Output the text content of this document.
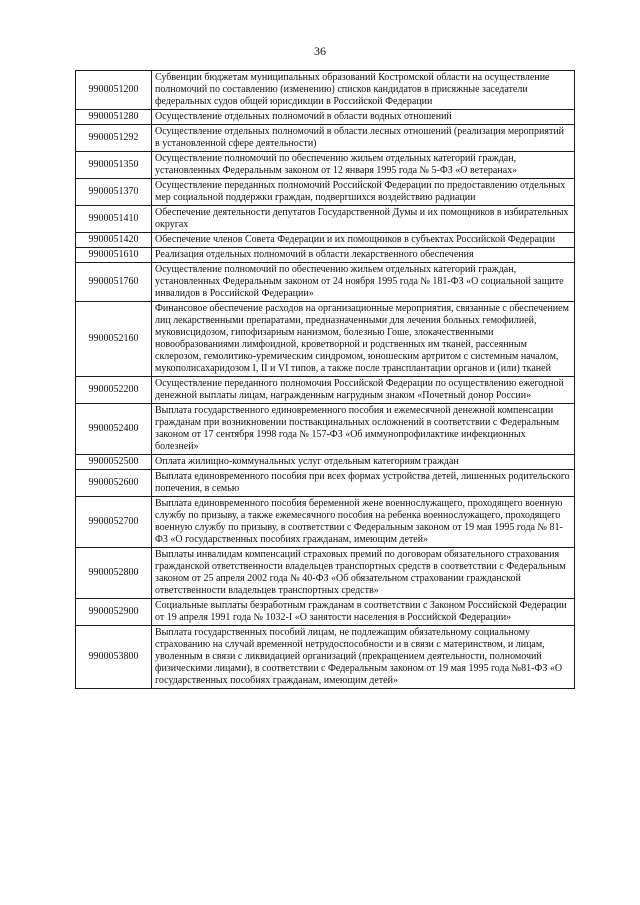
36
9900051200	Субвенции бюджетам муниципальных образований Костромской области на осуществление полномочий по составлению (изменению) списков кандидатов в присяжные заседатели федеральных судов общей юрисдикции в Российской Федерации
9900051280	Осуществление отдельных полномочий в области водных отношений
9900051292	Осуществление отдельных полномочий в области лесных отношений (реализация мероприятий в установленной сфере деятельности)
9900051350	Осуществление полномочий по обеспечению жильем отдельных категорий граждан, установленных Федеральным законом от 12 января 1995 года № 5-ФЗ «О ветеранах»
9900051370	Осуществление переданных полномочий Российской Федерации по предоставлению отдельных мер социальной поддержки граждан, подвергшихся воздействию радиации
9900051410	Обеспечение деятельности депутатов Государственной Думы и их помощников в избирательных округах
9900051420	Обеспечение членов Совета Федерации и их помощников в субъектах Российской Федерации
9900051610	Реализация отдельных полномочий в области лекарственного обеспечения
9900051760	Осуществление полномочий по обеспечению жильем отдельных категорий граждан, установленных Федеральным законом от 24 ноября 1995 года № 181-ФЗ «О социальной защите инвалидов в Российской Федерации»
9900052160	Финансовое обеспечение расходов на организационные мероприятия, связанные с обеспечением лиц лекарственными препаратами, предназначенными для лечения больных гемофилией, муковисцидозом, гипофизарным нанизмом, болезнью Гоше, злокачественными новообразованиями лимфоидной, кроветворной и родственных им тканей, рассеянным склерозом, гемолитико-уремическим синдромом, юношеским артритом с системным началом, мукополисахаридозом I, II и VI типов, а также после трансплантации органов и (или) тканей
9900052200	Осуществление переданного полномочия Российской Федерации по осуществлению ежегодной денежной выплаты лицам, награжденным нагрудным знаком «Почетный донор России»
9900052400	Выплата государственного единовременного пособия и ежемесячной денежной компенсации гражданам при возникновении поствакцинальных осложнений в соответствии с Федеральным законом от 17 сентября 1998 года № 157-ФЗ «Об иммунопрофилактике инфекционных болезней»
9900052500	Оплата жилищно-коммунальных услуг отдельным категориям граждан
9900052600	Выплата единовременного пособия при всех формах устройства детей, лишенных родительского попечения, в семью
9900052700	Выплата единовременного пособия беременной жене военнослужащего, проходящего военную службу по призыву, а также ежемесячного пособия на ребенка военнослужащего, проходящего военную службу по призыву, в соответствии с Федеральным законом от 19 мая 1995 года № 81-ФЗ «О государственных пособиях гражданам, имеющим детей»
9900052800	Выплаты инвалидам компенсаций страховых премий по договорам обязательного страхования гражданской ответственности владельцев транспортных средств в соответствии с Федеральным законом от 25 апреля 2002 года № 40-ФЗ «Об обязательном страховании гражданской ответственности владельцев транспортных средств»
9900052900	Социальные выплаты безработным гражданам в соответствии с Законом Российской Федерации от 19 апреля 1991 года № 1032-I «О занятости населения в Российской Федерации»
9900053800	Выплата государственных пособий лицам, не подлежащим обязательному социальному страхованию на случай временной нетрудоспособности и в связи с материнством, и лицам, уволенным в связи с ликвидацией организаций (прекращением деятельности, полномочий физическими лицами), в соответствии с Федеральным законом от 19 мая 1995 года №81-ФЗ «О государственных пособиях гражданам, имеющим детей»
